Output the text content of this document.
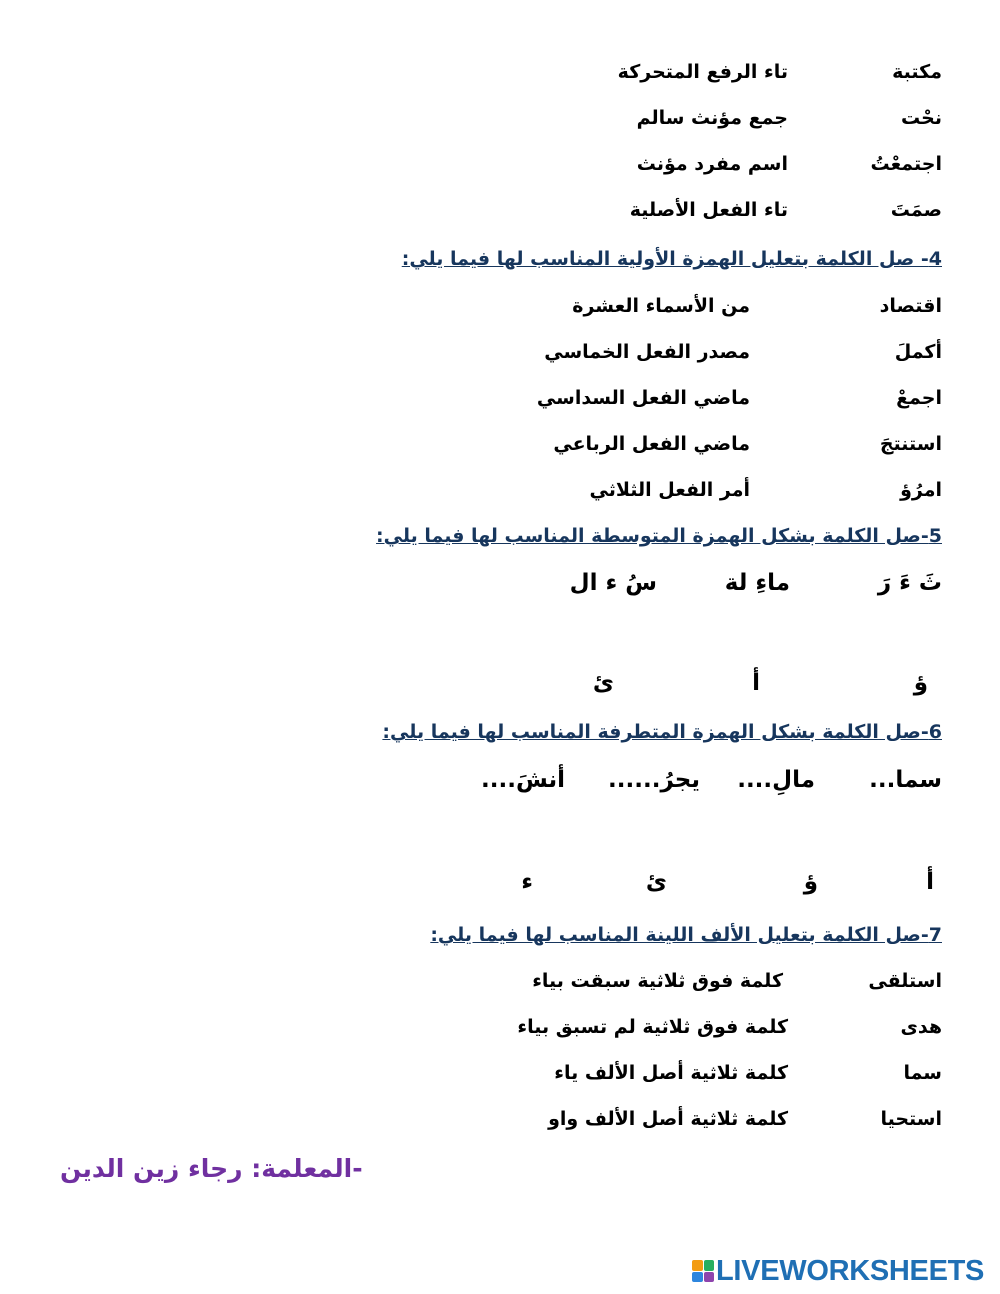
مكتبة
تاء الرفع المتحركة
نحْت
جمع مؤنث سالم
اجتمعْتُ
اسم مفرد مؤنث
صمَتَ
تاء الفعل الأصلية
4- صل الكلمة بتعليل الهمزة الأولية المناسب لها فيما يلي:
اقتصاد
من الأسماء العشرة
أكملَ
مصدر الفعل الخماسي
اجمعْ
ماضي الفعل السداسي
استنتجَ
ماضي الفعل الرباعي
امرُؤ
أمر الفعل الثلاثي
5-صل الكلمة بشكل الهمزة المتوسطة المناسب لها فيما يلي:
ثَ ءَ رَ
ماءِ لة
سُ ء ال
ؤ
أ
ئ
6-صل الكلمة بشكل الهمزة المتطرفة المناسب لها فيما يلي:
سما...
مالِ....
يجرُ......
أنشَ....
أ
ؤ
ئ
ء
7-صل الكلمة بتعليل الألف اللينة المناسب لها فيما يلي:
استلقى
كلمة فوق ثلاثية سبقت بياء
هدى
كلمة فوق ثلاثية لم تسبق بياء
سما
كلمة ثلاثية أصل الألف ياء
استحيا
كلمة ثلاثية أصل الألف واو
-المعلمة: رجاء زين الدين
LIVEWORKSHEETS
